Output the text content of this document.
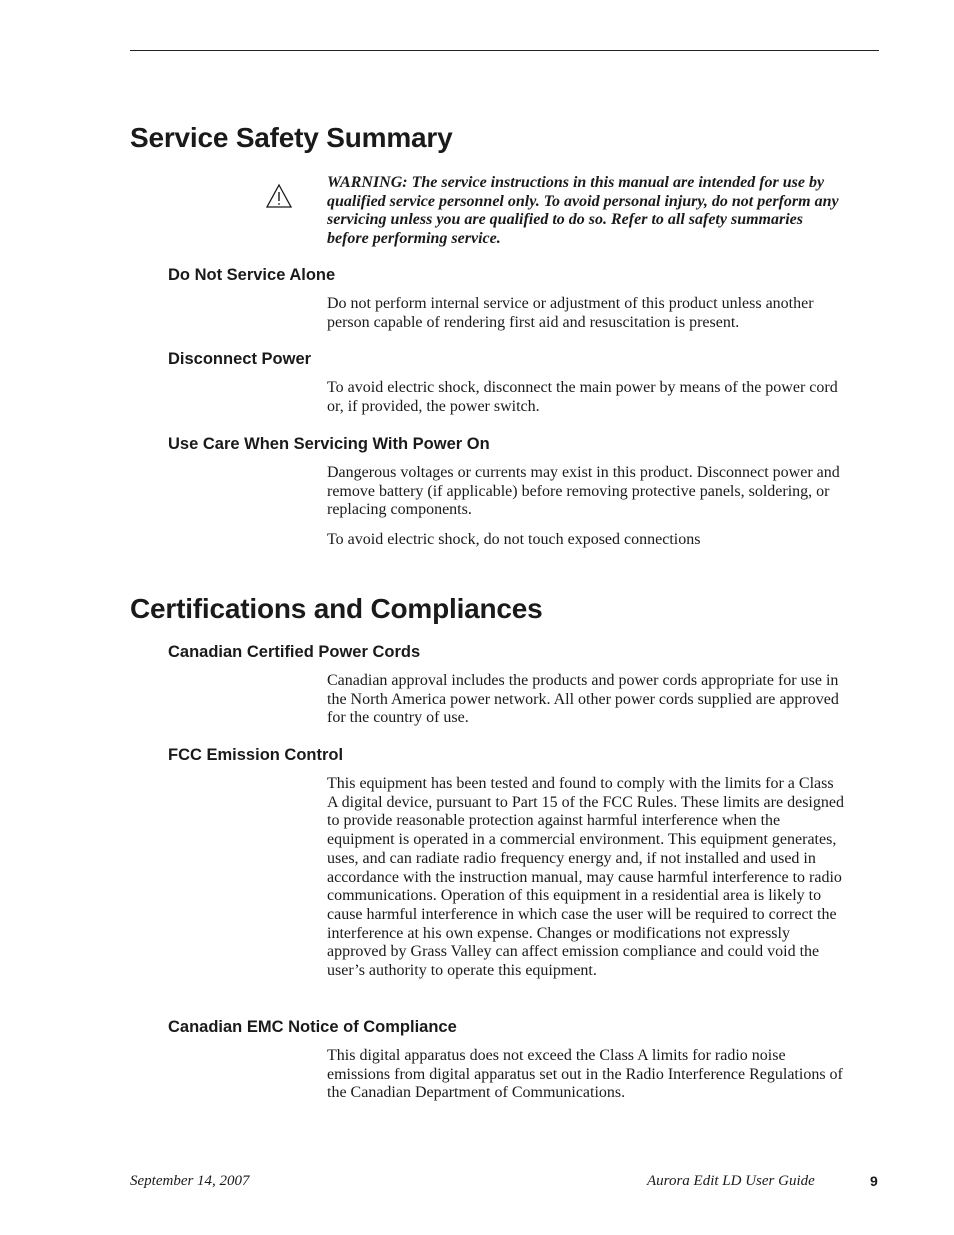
Service Safety Summary

WARNING: The service instructions in this manual are intended for use by qualified service personnel only. To avoid personal injury, do not perform any servicing unless you are qualified to do so. Refer to all safety summaries before performing service.

Do Not Service Alone

Do not perform internal service or adjustment of this product unless another person capable of rendering first aid and resuscitation is present.

Disconnect Power

To avoid electric shock, disconnect the main power by means of the power cord or, if provided, the power switch.

Use Care When Servicing With Power On

Dangerous voltages or currents may exist in this product. Disconnect power and remove battery (if applicable) before removing protective panels, soldering, or replacing components.

To avoid electric shock, do not touch exposed connections

Certifications and Compliances
Canadian Certified Power Cords

Canadian approval includes the products and power cords appropriate for use in the North America power network. All other power cords supplied are approved for the country of use.

FCC Emission Control

This equipment has been tested and found to comply with the limits for a Class A digital device, pursuant to Part 15 of the FCC Rules. These limits are designed to provide reasonable protection against harmful interference when the equipment is operated in a commercial environment. This equipment generates, uses, and can radiate radio frequency energy and, if not installed and used in accordance with the instruction manual, may cause harmful interference to radio communications. Operation of this equipment in a residential area is likely to cause harmful interference in which case the user will be required to correct the interference at his own expense. Changes or modifications not expressly approved by Grass Valley can affect emission compliance and could void the user’s authority to operate this equipment.

Canadian EMC Notice of Compliance

This digital apparatus does not exceed the Class A limits for radio noise emissions from digital apparatus set out in the Radio Interference Regulations of the Canadian Department of Communications.

September 14, 2007	Aurora Edit LD User Guide	9
